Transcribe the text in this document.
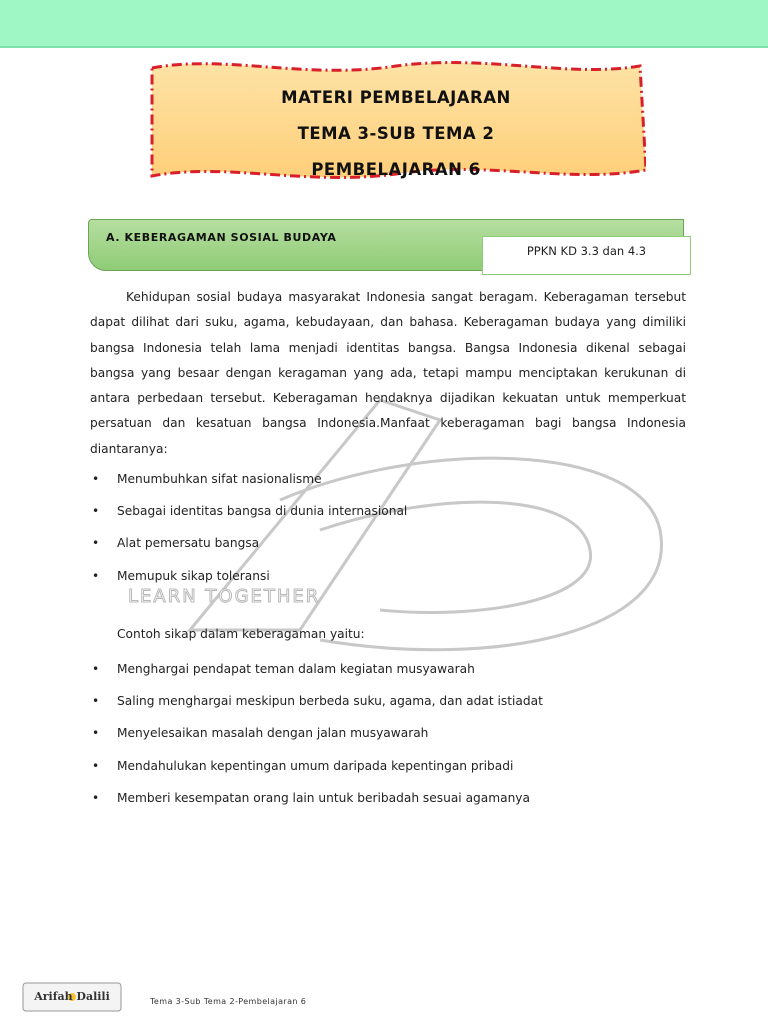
MATERI PEMBELAJARAN
TEMA 3-SUB TEMA 2
PEMBELAJARAN 6
A. KEBERAGAMAN SOSIAL BUDAYA
PPKN KD 3.3 dan 4.3
LEARN TOGETHER
Kehidupan sosial budaya masyarakat Indonesia sangat beragam. Keberagaman tersebut dapat dilihat dari suku, agama, kebudayaan, dan bahasa. Keberagaman budaya yang dimiliki bangsa Indonesia telah lama menjadi identitas bangsa. Bangsa Indonesia dikenal sebagai bangsa yang besaar dengan keragaman yang ada, tetapi mampu menciptakan kerukunan di antara perbedaan tersebut. Keberagaman hendaknya dijadikan kekuatan untuk memperkuat persatuan dan kesatuan bangsa Indonesia.Manfaat keberagaman bagi bangsa Indonesia diantaranya:
• Menumbuhkan sifat nasionalisme
• Sebagai identitas bangsa di dunia internasional
• Alat pemersatu bangsa
• Memupuk sikap toleransi
Contoh sikap dalam keberagaman yaitu:
• Menghargai pendapat teman dalam kegiatan musyawarah
• Saling menghargai meskipun berbeda suku, agama, dan adat istiadat
• Menyelesaikan masalah dengan jalan musyawarah
• Mendahulukan kepentingan umum daripada kepentingan pribadi
• Memberi kesempatan orang lain untuk beribadah sesuai agamanya
Arifah Dalili	Tema 3-Sub Tema 2-Pembelajaran 6
